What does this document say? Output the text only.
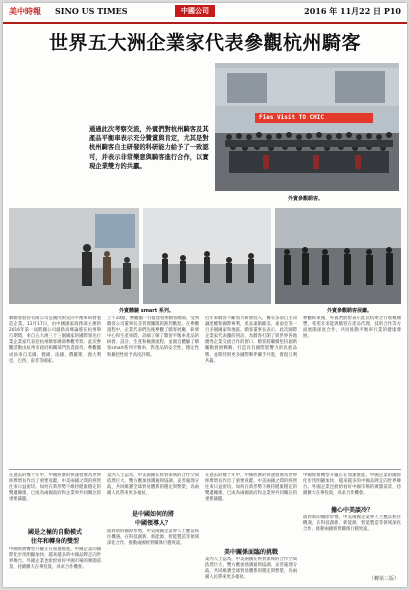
美中時報 SINO US TIMES	中國公司	2016 年 11月22 日 P10
世界五大洲企業家代表參觀杭州騎客
通過此次考察交流，外賓們對杭州騎客及其產品平衡車表示充分贊賞與肯定，尤其是對杭州騎客自主研發的科研能力給予了一致認可，并表示非常樂意與騎客進行合作，以實現企業雙方的共贏。
Fies Visit TO CHIC
外賓參觀騎客。
外賓體驗 smart 系列。	外賓參觀騎客展廳。
騎騎客股份有限公司是國內領先的平衡車研發製造企業，11月17日，由中國國家商務部主辦的2016年第一屆跨國公司創新高峰論壇在杭州舉行期間，來自五大洲三十三個國家的國際領先行業企業家代表赴杭州騎客總部參觀考察。此次參觀活動由杭州市政府相關部門負責接待，參觀團成員來自美國、德國、法國、俄羅斯、澳大利亞、巴西、南非等國家。
上午10點，參觀團一行抵達杭州騎客總部，受到騎客公司董事長及管理團隊的熱烈歡迎。在參觀過程中，企業代表們先後參觀了騎客展廳、研發中心和生產車間，詳細了解了騎客平衡車產品的研發、設計、生產和檢測流程，並親自體驗了騎客smart系列平衡車，對產品的安全性、穩定性和操控性給予高度評價。
近年來騎客不斷加大研發投入，擁有多項自主知識產權和國際專利，產品遠銷歐美、東南亞等一百多個國家和地區。騎客董事長表示，此次國際企業家代表團的到訪，為騎客打開了與世界各地優秀企業交流合作的窗口，騎客將繼續堅持創新驅動發展戰略，打造具有國際影響力的民族品牌，並期待與更多國際夥伴攜手共進，實現互利共贏。
參觀結束後，外賓們紛紛表示此次杭州之行收穫頗豐，希望未來能與騎客在產品代理、技術合作等方面展開深度合作，共同推動平衡車行業的健康發展。
在過去的幾十年中，中國經濟的快速發展為世界經濟增長作出了重要貢獻，中美兩國之間的經貿往來日益密切。如何在新形勢下維持健康穩定的雙邊關係，已成為兩國政府和企業界共同關注的重要議題。
國是之極的自動模式
往年和轉身的雙型
中國經濟轉型升級正在加速推進，中國企業的國際化步伐明顯加快，越來越多的中國品牌走向世界舞台。外國企業也紛紛看好中國市場的廣闊前景，持續擴大在華投資，尋求合作機會。
業內人士認為，中美兩國在經貿領域的合作空間依然巨大，雙方應加強溝通與協調，妥善處理分歧，共同維護全球貿易體系的穩定與繁榮，為兩國人民帶來更多福祉。
是中國如何的將
中國領導人？
面對新的國際形勢，中美兩國企業界人士應當抓住機遇，在科技創新、新能源、智能製造等領域深化合作，推動兩國經貿關係行穩致遠。
在過去的幾十年中，中國經濟的快速發展為世界經濟增長作出了重要貢獻，中美兩國之間的經貿往來日益密切。如何在新形勢下維持健康穩定的雙邊關係，已成為兩國政府和企業界共同關注的重要議題。
美中關係面臨的挑戰
業內人士認為，中美兩國在經貿領域的合作空間依然巨大，雙方應加強溝通與協調，妥善處理分歧，共同維護全球貿易體系的穩定與繁榮，為兩國人民帶來更多福祉。
中國經濟轉型升級正在加速推進，中國企業的國際化步伐明顯加快，越來越多的中國品牌走向世界舞台。外國企業也紛紛看好中國市場的廣闊前景，持續擴大在華投資，尋求合作機會。
擔心中美談冷？
面對新的國際形勢，中美兩國企業界人士應當抓住機遇，在科技創新、新能源、智能製造等領域深化合作，推動兩國經貿關係行穩致遠。
（轉第三版）
